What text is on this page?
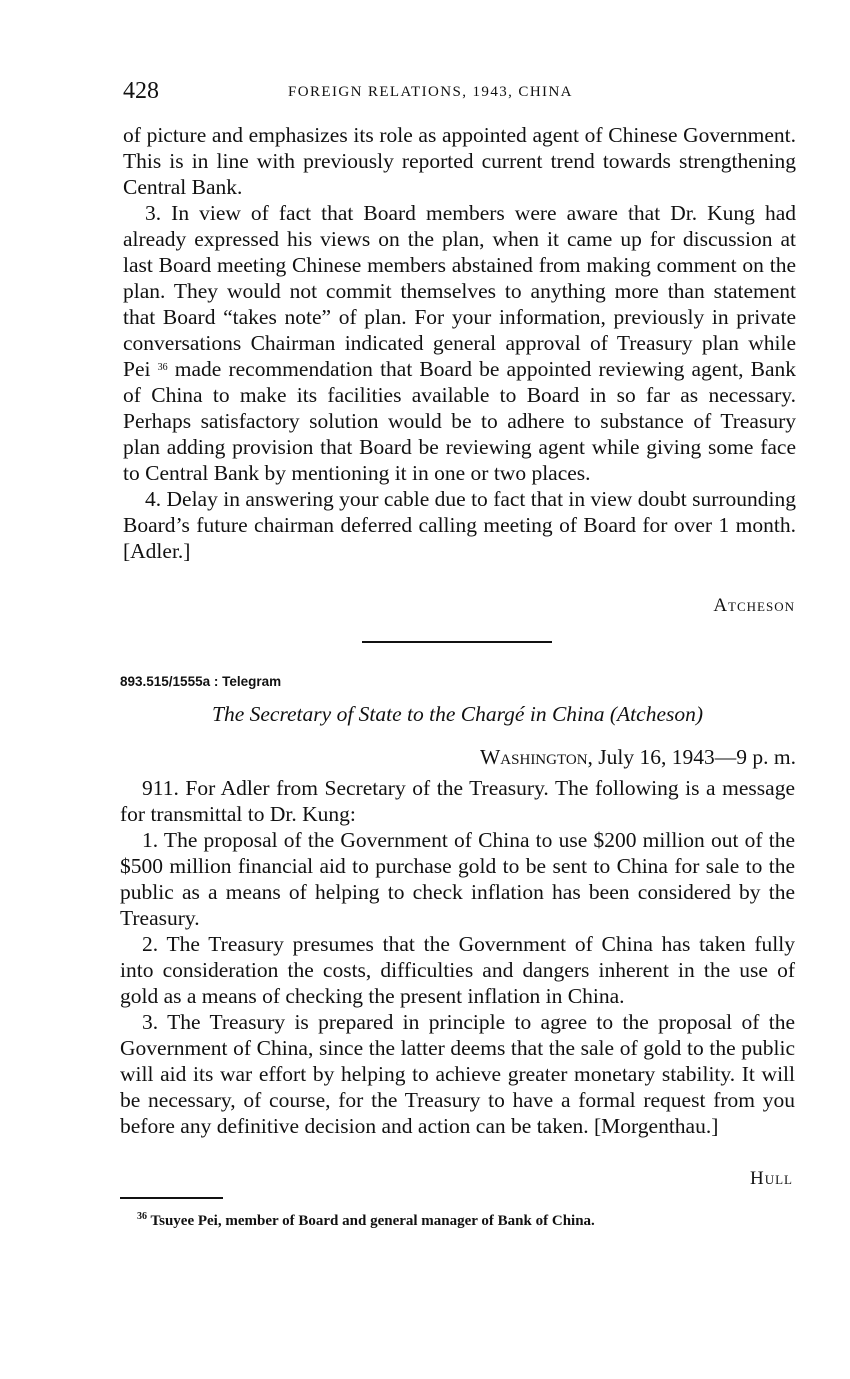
428	FOREIGN RELATIONS, 1943, CHINA

of picture and emphasizes its role as appointed agent of Chinese Government. This is in line with previously reported current trend towards strengthening Central Bank.

3. In view of fact that Board members were aware that Dr. Kung had already expressed his views on the plan, when it came up for discussion at last Board meeting Chinese members abstained from making comment on the plan. They would not commit themselves to anything more than statement that Board “takes note” of plan. For your information, previously in private conversations Chairman indicated general approval of Treasury plan while Pei $^{36}$ made recommendation that Board be appointed reviewing agent, Bank of China to make its facilities available to Board in so far as necessary. Perhaps satisfactory solution would be to adhere to substance of Treasury plan adding provision that Board be reviewing agent while giving some face to Central Bank by mentioning it in one or two places.

4. Delay in answering your cable due to fact that in view doubt surrounding Board’s future chairman deferred calling meeting of Board for over 1 month. [Adler.]

Atcheson
893.515/1555a : Telegram
The Secretary of State to the Chargé in China (Atcheson)
Washington, July 16, 1943—9 p. m.

911. For Adler from Secretary of the Treasury. The following is a message for transmittal to Dr. Kung:

1. The proposal of the Government of China to use $200 million out of the $500 million financial aid to purchase gold to be sent to China for sale to the public as a means of helping to check inflation has been considered by the Treasury.

2. The Treasury presumes that the Government of China has taken fully into consideration the costs, difficulties and dangers inherent in the use of gold as a means of checking the present inflation in China.

3. The Treasury is prepared in principle to agree to the proposal of the Government of China, since the latter deems that the sale of gold to the public will aid its war effort by helping to achieve greater monetary stability. It will be necessary, of course, for the Treasury to have a formal request from you before any definitive decision and action can be taken. [Morgenthau.]

Hull
$^{36}$ Tsuyee Pei, member of Board and general manager of Bank of China.
